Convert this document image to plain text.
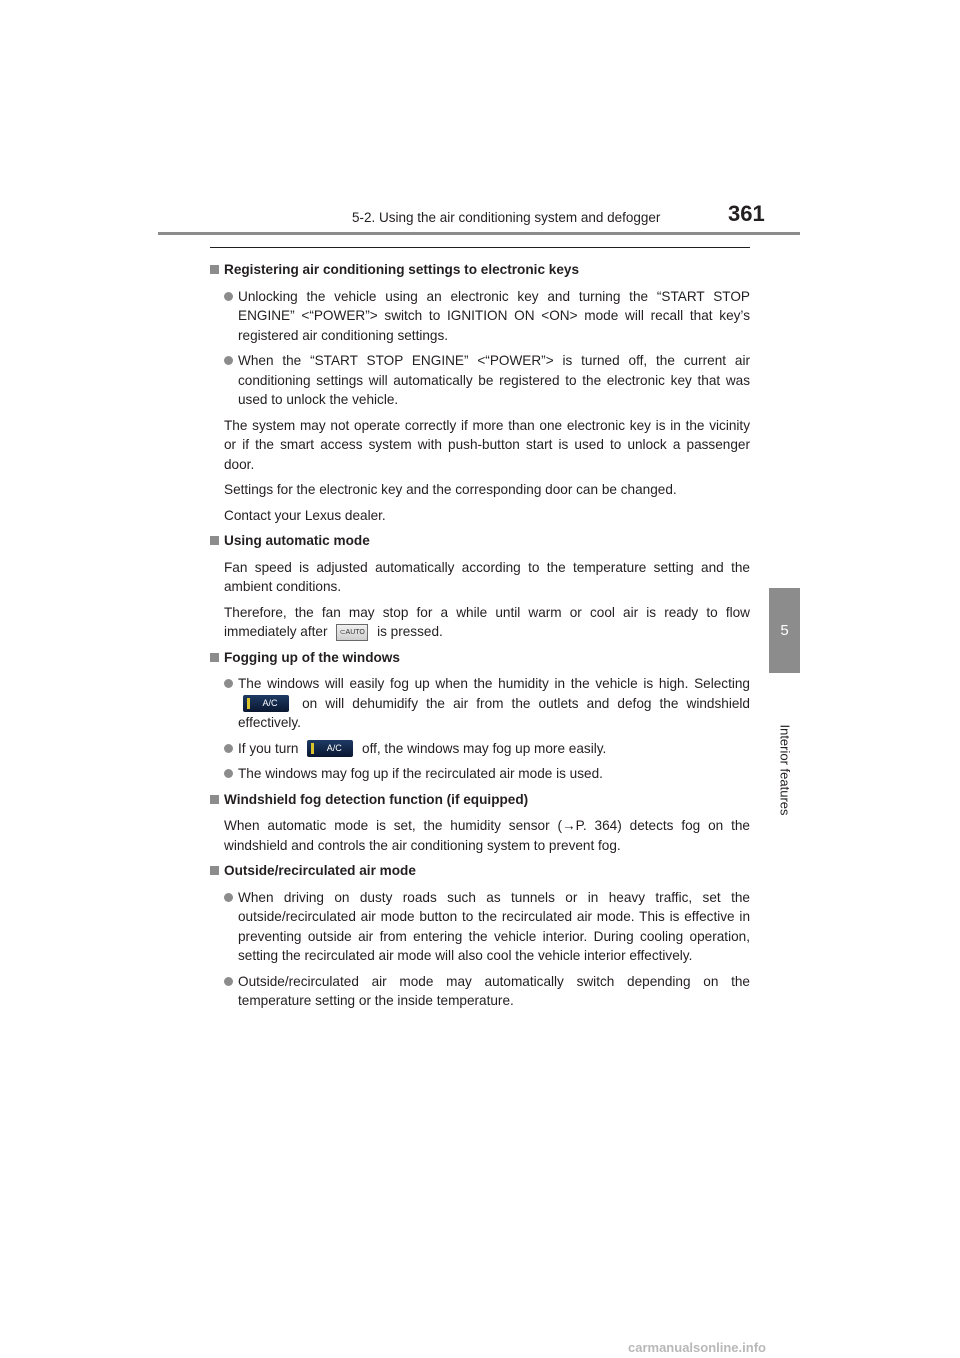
5-2. Using the air conditioning system and defogger	361
5
Interior features
Registering air conditioning settings to electronic keys
Unlocking the vehicle using an electronic key and turning the “START STOP ENGINE” <“POWER”> switch to IGNITION ON <ON> mode will recall that key’s registered air conditioning settings.
When the “START STOP ENGINE” <“POWER”> is turned off, the current air conditioning settings will automatically be registered to the electronic key that was used to unlock the vehicle.
The system may not operate correctly if more than one electronic key is in the vicinity or if the smart access system with push-button start is used to unlock a passenger door.
Settings for the electronic key and the corresponding door can be changed.
Contact your Lexus dealer.
Using automatic mode
Fan speed is adjusted automatically according to the temperature setting and the ambient conditions.
Therefore, the fan may stop for a while until warm or cool air is ready to flow immediately after ⊂AUTO is pressed.
Fogging up of the windows
The windows will easily fog up when the humidity in the vehicle is high. Selecting
A/C on will dehumidify the air from the outlets and defog the windshield effectively.
If you turn	A/C off, the windows may fog up more easily.
The windows may fog up if the recirculated air mode is used.
Windshield fog detection function (if equipped)
When automatic mode is set, the humidity sensor (→P. 364) detects fog on the windshield and controls the air conditioning system to prevent fog.
Outside/recirculated air mode
When driving on dusty roads such as tunnels or in heavy traffic, set the outside/recirculated air mode button to the recirculated air mode. This is effective in preventing outside air from entering the vehicle interior. During cooling operation, setting the recirculated air mode will also cool the vehicle interior effectively.
Outside/recirculated air mode may automatically switch depending on the temperature setting or the inside temperature.
carmanualsonline.info
